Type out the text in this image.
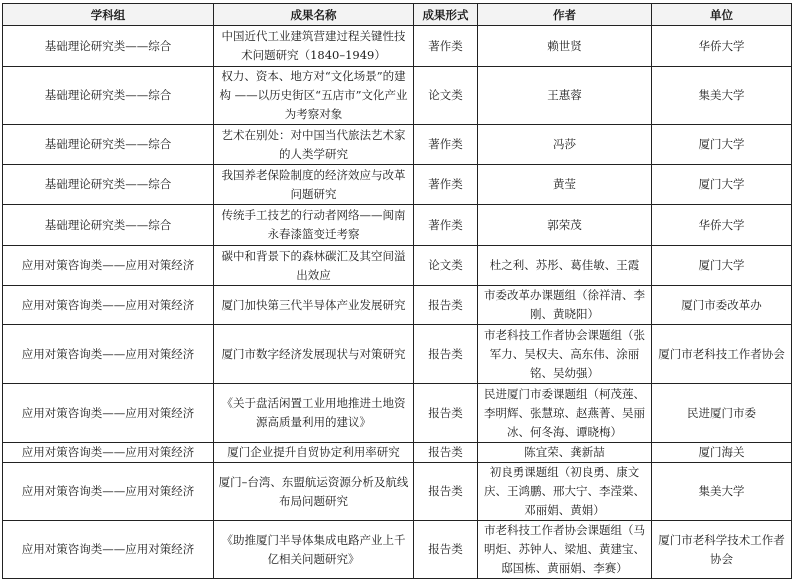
学科组	成果名称	成果形式	作者	单位
基础理论研究类——综合	中国近代工业建筑营建过程关键性技术问题研究（1840–1949）	著作类	赖世贤	华侨大学
基础理论研究类——综合	权力、资本、地方对“文化场景”的建构 ——以历史街区“五店市”文化产业为考察对象	论文类	王惠蓉	集美大学
基础理论研究类——综合	艺术在别处：对中国当代旅法艺术家的人类学研究	著作类	冯莎	厦门大学
基础理论研究类——综合	我国养老保险制度的经济效应与改革问题研究	著作类	黄莹	厦门大学
基础理论研究类——综合	传统手工技艺的行动者网络——闽南永春漆篮变迁考察	著作类	郭荣茂	华侨大学
应用对策咨询类——应用对策经济	碳中和背景下的森林碳汇及其空间溢出效应	论文类	杜之利、苏彤、葛佳敏、王霞	厦门大学
应用对策咨询类——应用对策经济	厦门加快第三代半导体产业发展研究	报告类	市委改革办课题组（徐祥清、李刚、黄晓阳）	厦门市委改革办
应用对策咨询类——应用对策经济	厦门市数字经济发展现状与对策研究	报告类	市老科技工作者协会课题组（张军力、吴权夫、高东伟、涂丽铭、吴幼强）	厦门市老科技工作者协会
应用对策咨询类——应用对策经济	《关于盘活闲置工业用地推进土地资源高质量利用的建议》	报告类	民进厦门市委课题组（柯茂莲、李明辉、张慧琼、赵燕菁、吴丽冰、何冬海、谭晓梅）	民进厦门市委
应用对策咨询类——应用对策经济	厦门企业提升自贸协定利用率研究	报告类	陈宜荣、龚新喆	厦门海关
应用对策咨询类——应用对策经济	厦门–台湾、东盟航运资源分析及航线布局问题研究	报告类	初良勇课题组（初良勇、康文庆、王鸿鹏、邢大宁、李滢棠、邓丽娟、黄娟）	集美大学
应用对策咨询类——应用对策经济	《助推厦门半导体集成电路产业上千亿相关问题研究》	报告类	市老科技工作者协会课题组（马明炬、苏钟人、梁旭、黄建宝、邸国栋、黄丽娟、李赛）	厦门市老科学技术工作者协会
